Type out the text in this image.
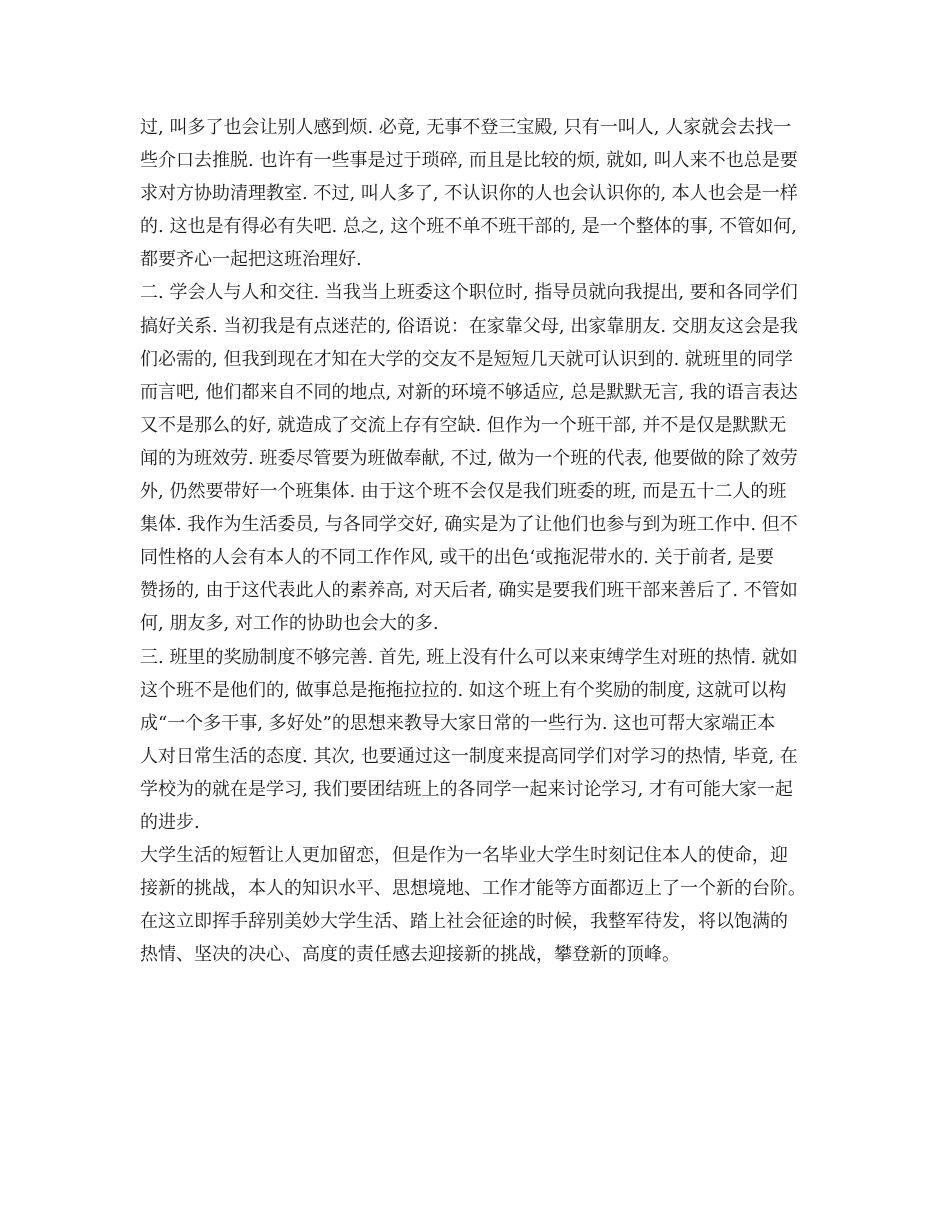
过, 叫多了也会让别人感到烦. 必竟, 无事不登三宝殿, 只有一叫人, 人家就会去找一
些介口去推脱. 也许有一些事是过于琐碎, 而且是比较的烦, 就如, 叫人来不也总是要
求对方协助清理教室. 不过, 叫人多了, 不认识你的人也会认识你的, 本人也会是一样
的. 这也是有得必有失吧. 总之, 这个班不单不班干部的, 是一个整体的事, 不管如何,
都要齐心一起把这班治理好.
二. 学会人与人和交往. 当我当上班委这个职位时, 指导员就向我提出, 要和各同学们
搞好关系. 当初我是有点迷茫的, 俗语说：在家靠父母, 出家靠朋友. 交朋友这会是我
们必需的, 但我到现在才知在大学的交友不是短短几天就可认识到的. 就班里的同学
而言吧, 他们都来自不同的地点, 对新的环境不够适应, 总是默默无言, 我的语言表达
又不是那么的好, 就造成了交流上存有空缺. 但作为一个班干部, 并不是仅是默默无
闻的为班效劳. 班委尽管要为班做奉献, 不过, 做为一个班的代表, 他要做的除了效劳
外, 仍然要带好一个班集体. 由于这个班不会仅是我们班委的班, 而是五十二人的班
集体. 我作为生活委员, 与各同学交好, 确实是为了让他们也参与到为班工作中. 但不
同性格的人会有本人的不同工作作风, 或干的出色‘或拖泥带水的. 关于前者, 是要
赞扬的, 由于这代表此人的素养高, 对天后者, 确实是要我们班干部来善后了. 不管如
何, 朋友多, 对工作的协助也会大的多.
三. 班里的奖励制度不够完善. 首先, 班上没有什么可以来束缚学生对班的热情. 就如
这个班不是他们的, 做事总是拖拖拉拉的. 如这个班上有个奖励的制度, 这就可以构
成“一个多干事, 多好处”的思想来教导大家日常的一些行为. 这也可帮大家端正本
人对日常生活的态度. 其次, 也要通过这一制度来提高同学们对学习的热情, 毕竟, 在
学校为的就在是学习, 我们要团结班上的各同学一起来讨论学习, 才有可能大家一起
的进步.
大学生活的短暂让人更加留恋，但是作为一名毕业大学生时刻记住本人的使命，迎
接新的挑战，本人的知识水平、思想境地、工作才能等方面都迈上了一个新的台阶。
在这立即挥手辞别美妙大学生活、踏上社会征途的时候，我整军待发，将以饱满的
热情、坚决的决心、高度的责任感去迎接新的挑战，攀登新的顶峰。
